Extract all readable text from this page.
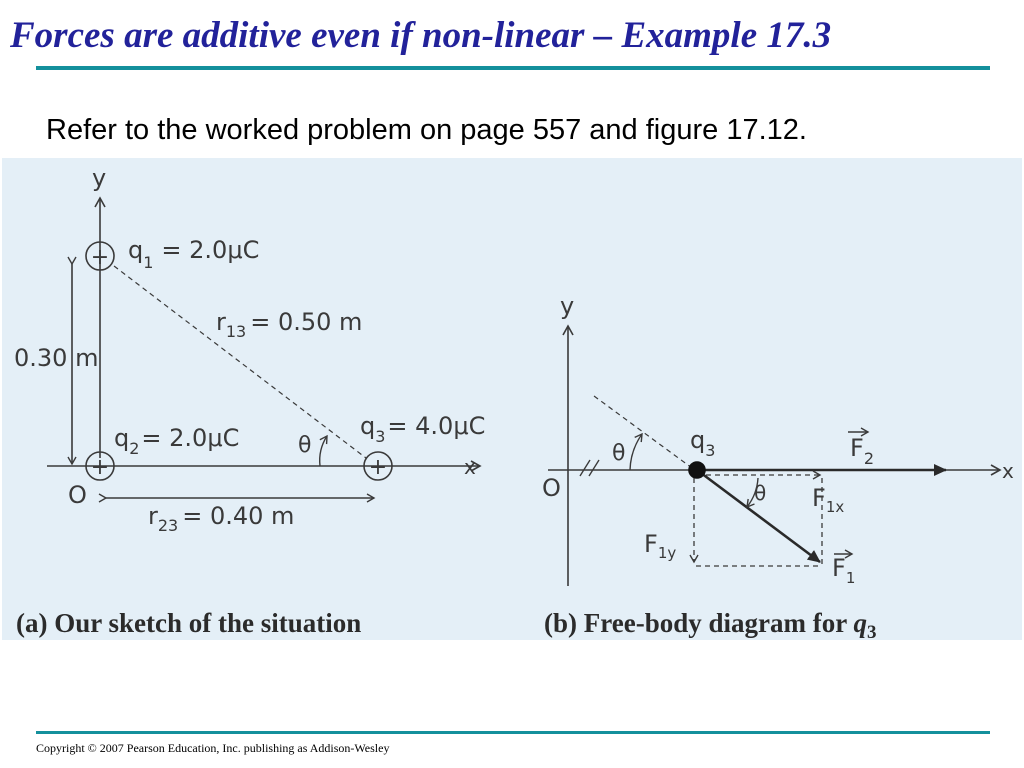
Forces are additive even if non-linear – Example 17.3
Refer to the worked problem on page 557 and figure 17.12.
+
+	+
y
x
O
$q_1 = 2.0\mu C$
$q_2= 2.0\mu C$	$q_3= 4.0\mu C$
$r_{13} = 0.50$ m
$r_{23} = 0.40$ m
0.30 m
θ
y
x
O
θ	$q_3$
θ
$F_2$
$F_{1x}$
$F_{1y}$
$F_1$
(a) Our sketch of the situation	(b) Free-body diagram for $q_3$
Copyright © 2007 Pearson Education, Inc. publishing as Addison-Wesley
